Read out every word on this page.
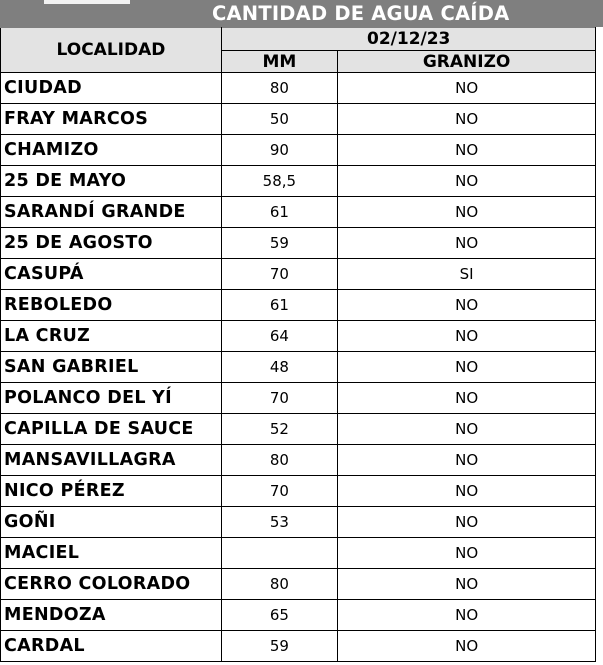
CANTIDAD DE AGUA CAÍDA
LOCALIDAD	02/12/23		
	MM	GRANIZO	
CIUDAD	80	NO	
FRAY MARCOS	50	NO	
CHAMIZO	90	NO	
25 DE MAYO	58,5	NO	
SARANDÍ GRANDE	61	NO	
25 DE AGOSTO	59	NO	
CASUPÁ	70	SI	
REBOLEDO	61	NO	
LA CRUZ	64	NO	
SAN GABRIEL	48	NO	
POLANCO DEL YÍ	70	NO	
CAPILLA DE SAUCE	52	NO	
MANSAVILLAGRA	80	NO	
NICO PÉREZ	70	NO	
GOÑI	53	NO	
MACIEL		NO	
CERRO COLORADO	80	NO	
MENDOZA	65	NO	
CARDAL	59	NO	
